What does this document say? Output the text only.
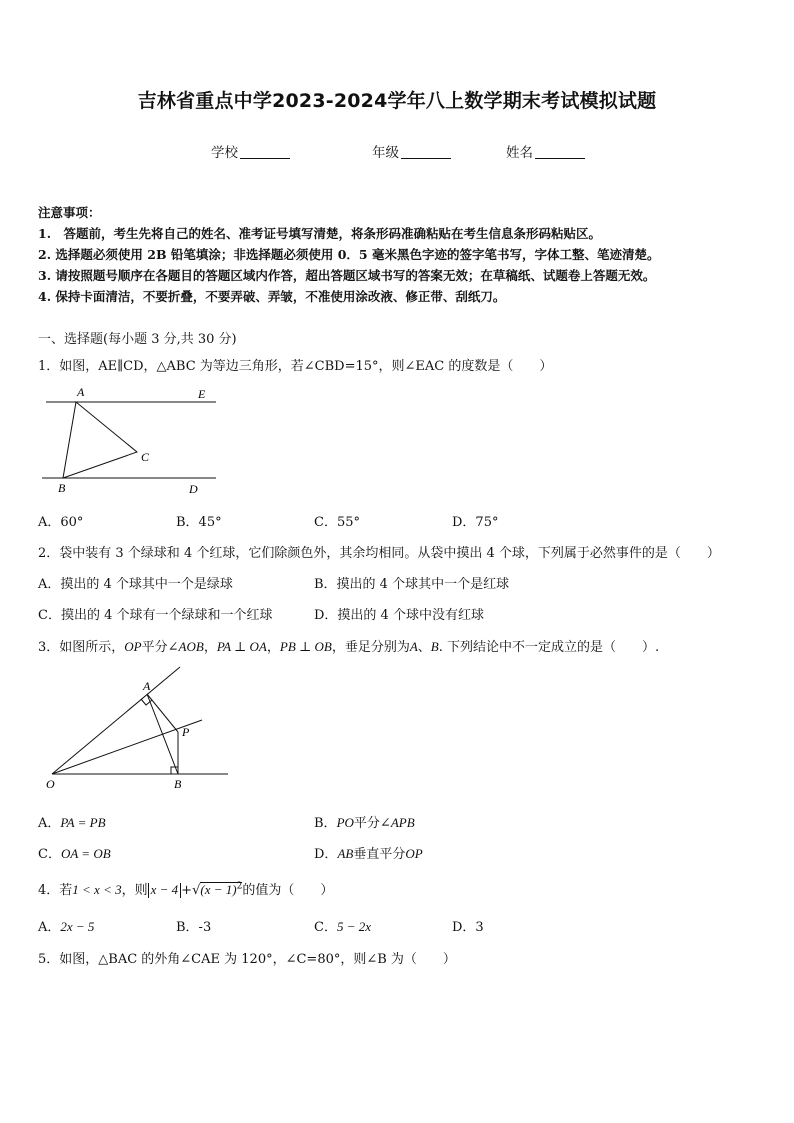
吉林省重点中学2023-2024学年八上数学期末考试模拟试题
学校	年级	姓名
注意事项：
1.　答题前，考生先将自己的姓名、准考证号填写清楚，将条形码准确粘贴在考生信息条形码粘贴区。
2. 选择题必须使用 2B 铅笔填涂；非选择题必须使用 0．5 毫米黑色字迹的签字笔书写，字体工整、笔迹清楚。
3. 请按照题号顺序在各题目的答题区域内作答，超出答题区域书写的答案无效；在草稿纸、试题卷上答题无效。
4. 保持卡面清洁，不要折叠，不要弄破、弄皱，不准使用涂改液、修正带、刮纸刀。
一、选择题(每小题 3 分,共 30 分)
1．如图，AE∥CD，△ABC 为等边三角形，若∠CBD=15°，则∠EAC 的度数是（　　）
A	E
C
B	D
A．60°	B．45°	C．55°	D．75°
2．袋中装有 3 个绿球和 4 个红球，它们除颜色外，其余均相同。从袋中摸出 4 个球，下列属于必然事件的是（　　）
A．摸出的 4 个球其中一个是绿球	B．摸出的 4 个球其中一个是红球
C．摸出的 4 个球有一个绿球和一个红球	D．摸出的 4 个球中没有红球
3．如图所示，OP平分∠AOB，PA ⊥ OA，PB ⊥ OB，垂足分别为A、B. 下列结论中不一定成立的是（　　）.
A
P
O	B
A．PA = PB	B．PO平分∠APB
C．OA = OB	D．AB垂直平分OP
4．若1 < x < 3，则 $x - 4 +√(x - 1)^2$的值为（　　）
A．2x − 5	B．-3	C．5 − 2x	D．3
5．如图，△BAC 的外角∠CAE 为 120°，∠C=80°，则∠B 为（　　）
